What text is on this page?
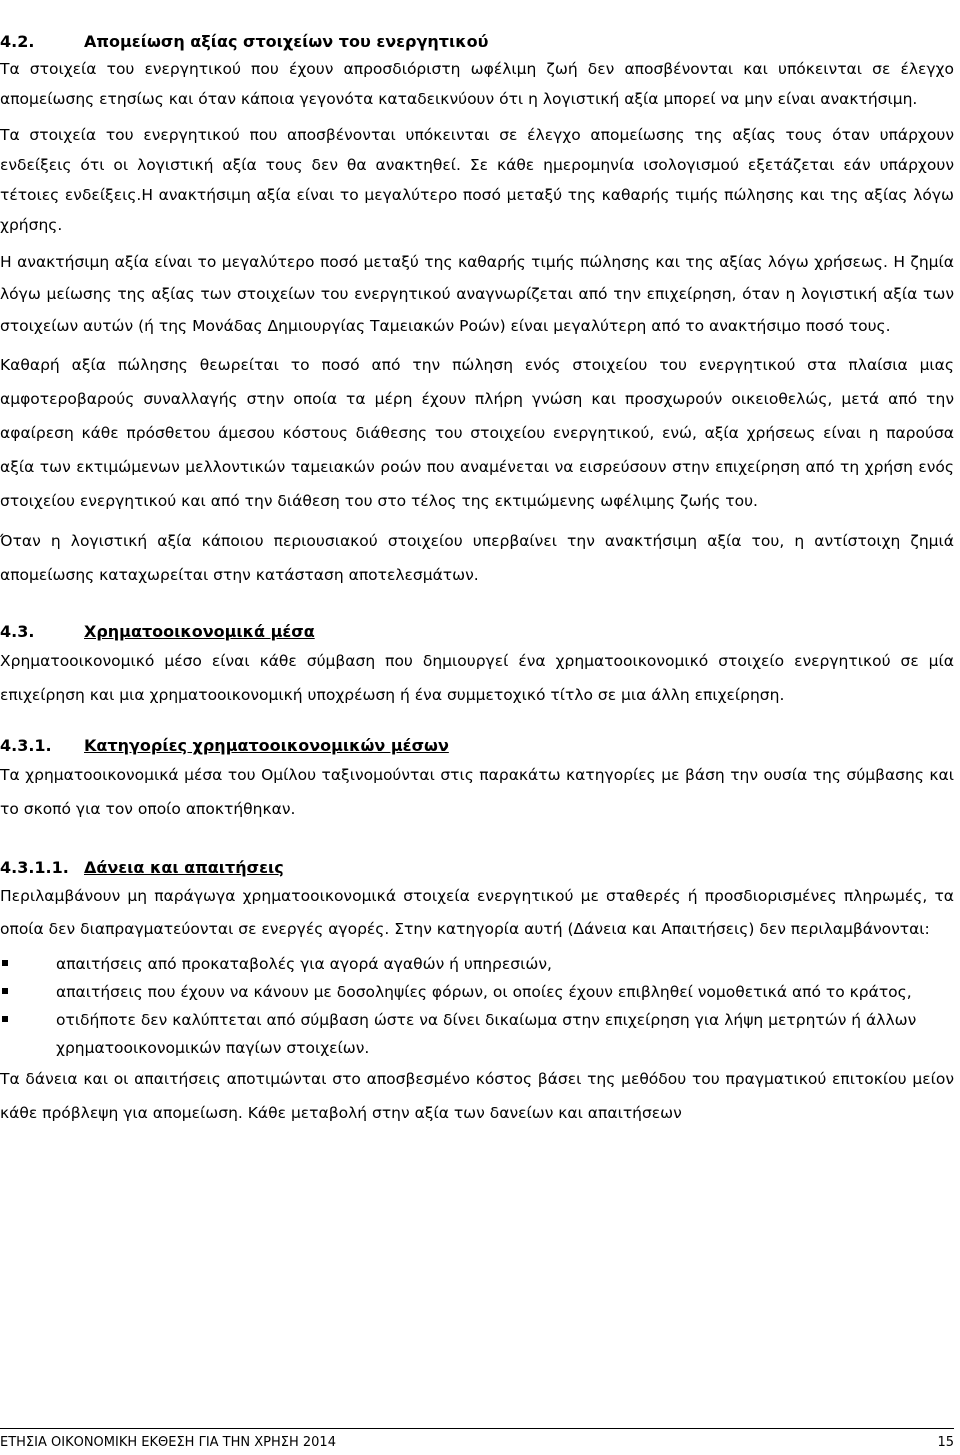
4.2.	Απομείωση αξίας στοιχείων του ενεργητικού

Τα στοιχεία του ενεργητικού που έχουν απροσδιόριστη ωφέλιμη ζωή δεν αποσβένονται και υπόκεινται σε έλεγχο απομείωσης ετησίως και όταν κάποια γεγονότα καταδεικνύουν ότι η λογιστική αξία μπορεί να μην είναι ανακτήσιμη.

Τα στοιχεία του ενεργητικού που αποσβένονται υπόκεινται σε έλεγχο απομείωσης της αξίας τους όταν υπάρχουν ενδείξεις ότι οι λογιστική αξία τους δεν θα ανακτηθεί. Σε κάθε ημερομηνία ισολογισμού εξετάζεται εάν υπάρχουν τέτοιες ενδείξεις.Η ανακτήσιμη αξία είναι το μεγαλύτερο ποσό μεταξύ της καθαρής τιμής πώλησης και της αξίας λόγω χρήσης.

Η ανακτήσιμη αξία είναι το μεγαλύτερο ποσό μεταξύ της καθαρής τιμής πώλησης και της αξίας λόγω χρήσεως. Η ζημία λόγω μείωσης της αξίας των στοιχείων του ενεργητικού αναγνωρίζεται από την επιχείρηση, όταν η λογιστική αξία των στοιχείων αυτών (ή της Μονάδας Δημιουργίας Ταμειακών Ροών) είναι μεγαλύτερη από το ανακτήσιμο ποσό τους.

Καθαρή αξία πώλησης θεωρείται το ποσό από την πώληση ενός στοιχείου του ενεργητικού στα πλαίσια μιας αμφοτεροβαρούς συναλλαγής στην οποία τα μέρη έχουν πλήρη γνώση και προσχωρούν οικειοθελώς, μετά από την αφαίρεση κάθε πρόσθετου άμεσου κόστους διάθεσης του στοιχείου ενεργητικού, ενώ, αξία χρήσεως είναι η παρούσα αξία των εκτιμώμενων μελλοντικών ταμειακών ροών που αναμένεται να εισρεύσουν στην επιχείρηση από τη χρήση ενός στοιχείου ενεργητικού και από την διάθεση του στο τέλος της εκτιμώμενης ωφέλιμης ζωής του.

Όταν η λογιστική αξία κάποιου περιουσιακού στοιχείου υπερβαίνει την ανακτήσιμη αξία του, η αντίστοιχη ζημιά απομείωσης καταχωρείται στην κατάσταση αποτελεσμάτων.

4.3.	Χρηματοοικονομικά μέσα

Χρηματοοικονομικό μέσο είναι κάθε σύμβαση που δημιουργεί ένα χρηματοοικονομικό στοιχείο ενεργητικού σε μία επιχείρηση και μια χρηματοοικονομική υποχρέωση ή ένα συμμετοχικό τίτλο σε μια άλλη επιχείρηση.

4.3.1.	Κατηγορίες χρηματοοικονομικών μέσων

Τα χρηματοοικονομικά μέσα του Ομίλου ταξινομούνται στις παρακάτω κατηγορίες με βάση την ουσία της σύμβασης και το σκοπό για τον οποίο αποκτήθηκαν.

4.3.1.1. Δάνεια και απαιτήσεις

Περιλαμβάνουν μη παράγωγα χρηματοοικονομικά στοιχεία ενεργητικού με σταθερές ή προσδιορισμένες πληρωμές, τα οποία δεν διαπραγματεύονται σε ενεργές αγορές. Στην κατηγορία αυτή (Δάνεια και Απαιτήσεις) δεν περιλαμβάνονται:

απαιτήσεις από προκαταβολές για αγορά αγαθών ή υπηρεσιών,
απαιτήσεις που έχουν να κάνουν με δοσοληψίες φόρων, οι οποίες έχουν επιβληθεί νομοθετικά από το κράτος,
οτιδήποτε δεν καλύπτεται από σύμβαση ώστε να δίνει δικαίωμα στην επιχείρηση για λήψη μετρητών ή άλλων χρηματοοικονομικών παγίων στοιχείων.

Τα δάνεια και οι απαιτήσεις αποτιμώνται στο αποσβεσμένο κόστος βάσει της μεθόδου του πραγματικού επιτοκίου μείον κάθε πρόβλεψη για απομείωση. Κάθε μεταβολή στην αξία των δανείων και απαιτήσεων

ΕΤΗΣΙΑ ΟΙΚΟΝΟΜΙΚΗ ΕΚΘΕΣΗ ΓΙΑ ΤΗΝ ΧΡΗΣΗ 2014	15
